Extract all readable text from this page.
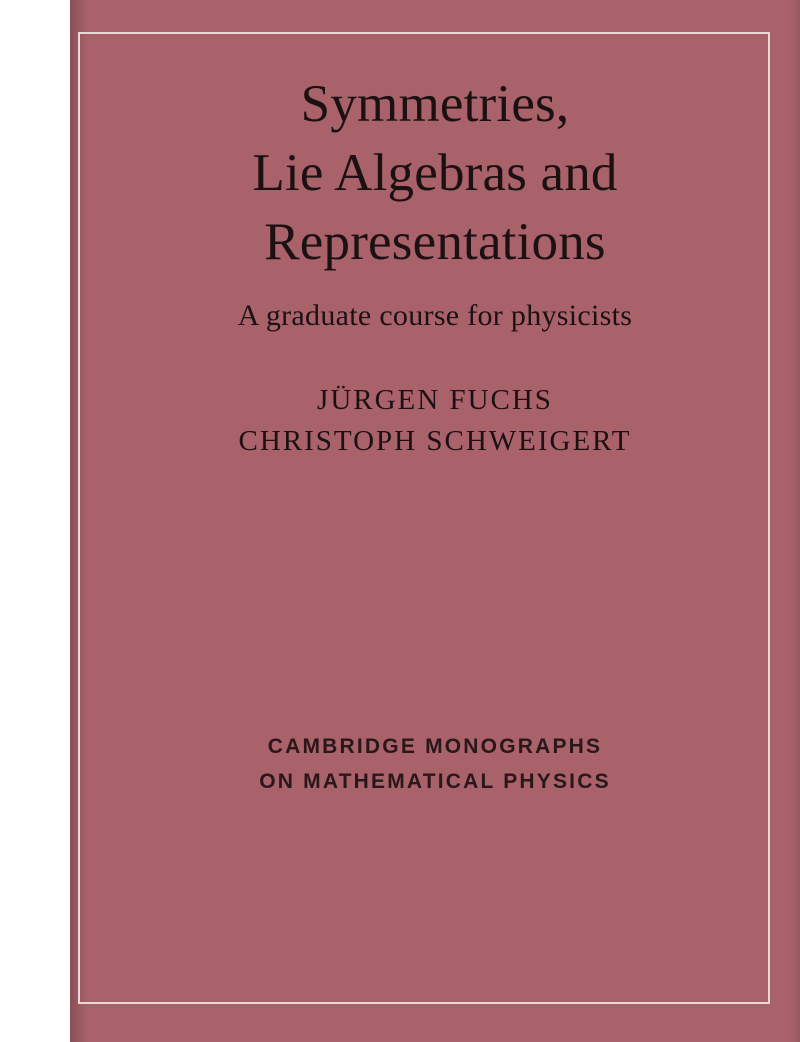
Symmetries,
Lie Algebras and
Representations
A graduate course for physicists
JÜRGEN FUCHS
CHRISTOPH SCHWEIGERT
CAMBRIDGE MONOGRAPHS
ON MATHEMATICAL PHYSICS
